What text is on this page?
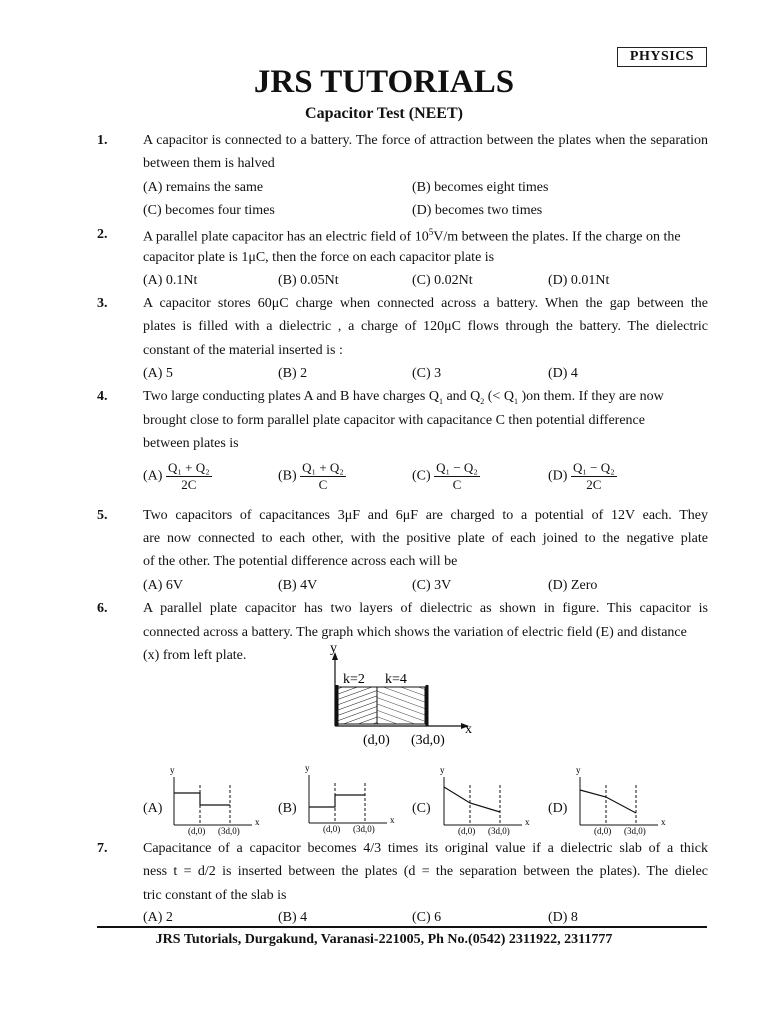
PHYSICS
JRS TUTORIALS
Capacitor Test (NEET)
1.	A capacitor is connected to a battery. The force of attraction between the plates when the separation
between them is halved
(A) remains the same	(B) becomes eight times
(C) becomes four times	(D) becomes two times
2.	A parallel plate capacitor has an electric field of $10^5V/m$ between the plates. If the charge on the
capacitor plate is 1μC, then the force on each capacitor plate is
(A) 0.1Nt	(B) 0.05Nt	(C) 0.02Nt	(D) 0.01Nt
3.	A capacitor stores 60μC charge when connected across a battery. When the gap between the
plates is filled with a dielectric , a charge of 120μC flows through the battery. The dielectric
constant of the material inserted is :
(A) 5	(B) 2	(C) 3	(D) 4
4.	Two large conducting plates A and B have charges $Q_1$ and $Q_2$ (< $Q_1$ )on them. If they are now
brought close to form parallel plate capacitor with capacitance C then potential difference
between plates is
$(A) \frac{\text{Q₁ + Q₂}}{2C}$	$(B) \frac{\text{Q₁ + Q₂}}{C}$	$(C) \frac{\text{Q₁ − Q₂}}{C}$	$(D) \frac{\text{Q₁ − Q₂}}{2C}$
5.	Two capacitors of capacitances 3μF and 6μF are charged to a potential of 12V each. They
are now connected to each other, with the positive plate of each joined to the negative plate
of the other. The potential difference across each will be
(A) 6V	(B) 4V	(C) 3V	(D) Zero
6.	A parallel plate capacitor has two layers of dielectric as shown in figure. This capacitor is
connected across a battery. The graph which shows the variation of electric field (E) and distance
(x) from left plate.	y
x
k=2 k=4
(d,0) (3d,0)
(A)
y
x
(d,0) (3d,0)
(B)
y
x
(d,0) (3d,0)
(C)
y
x
(d,0) (3d,0)
(D)
y
x
(d,0) (3d,0)
7.	Capacitance of a capacitor becomes 4/3 times its original value if a dielectric slab of a thick
ness t = d/2 is inserted between the plates (d = the separation between the plates). The dielec
tric constant of the slab is
(A) 2	(B) 4	(C) 6	(D) 8
JRS Tutorials, Durgakund, Varanasi-221005, Ph No.(0542) 2311922, 2311777
